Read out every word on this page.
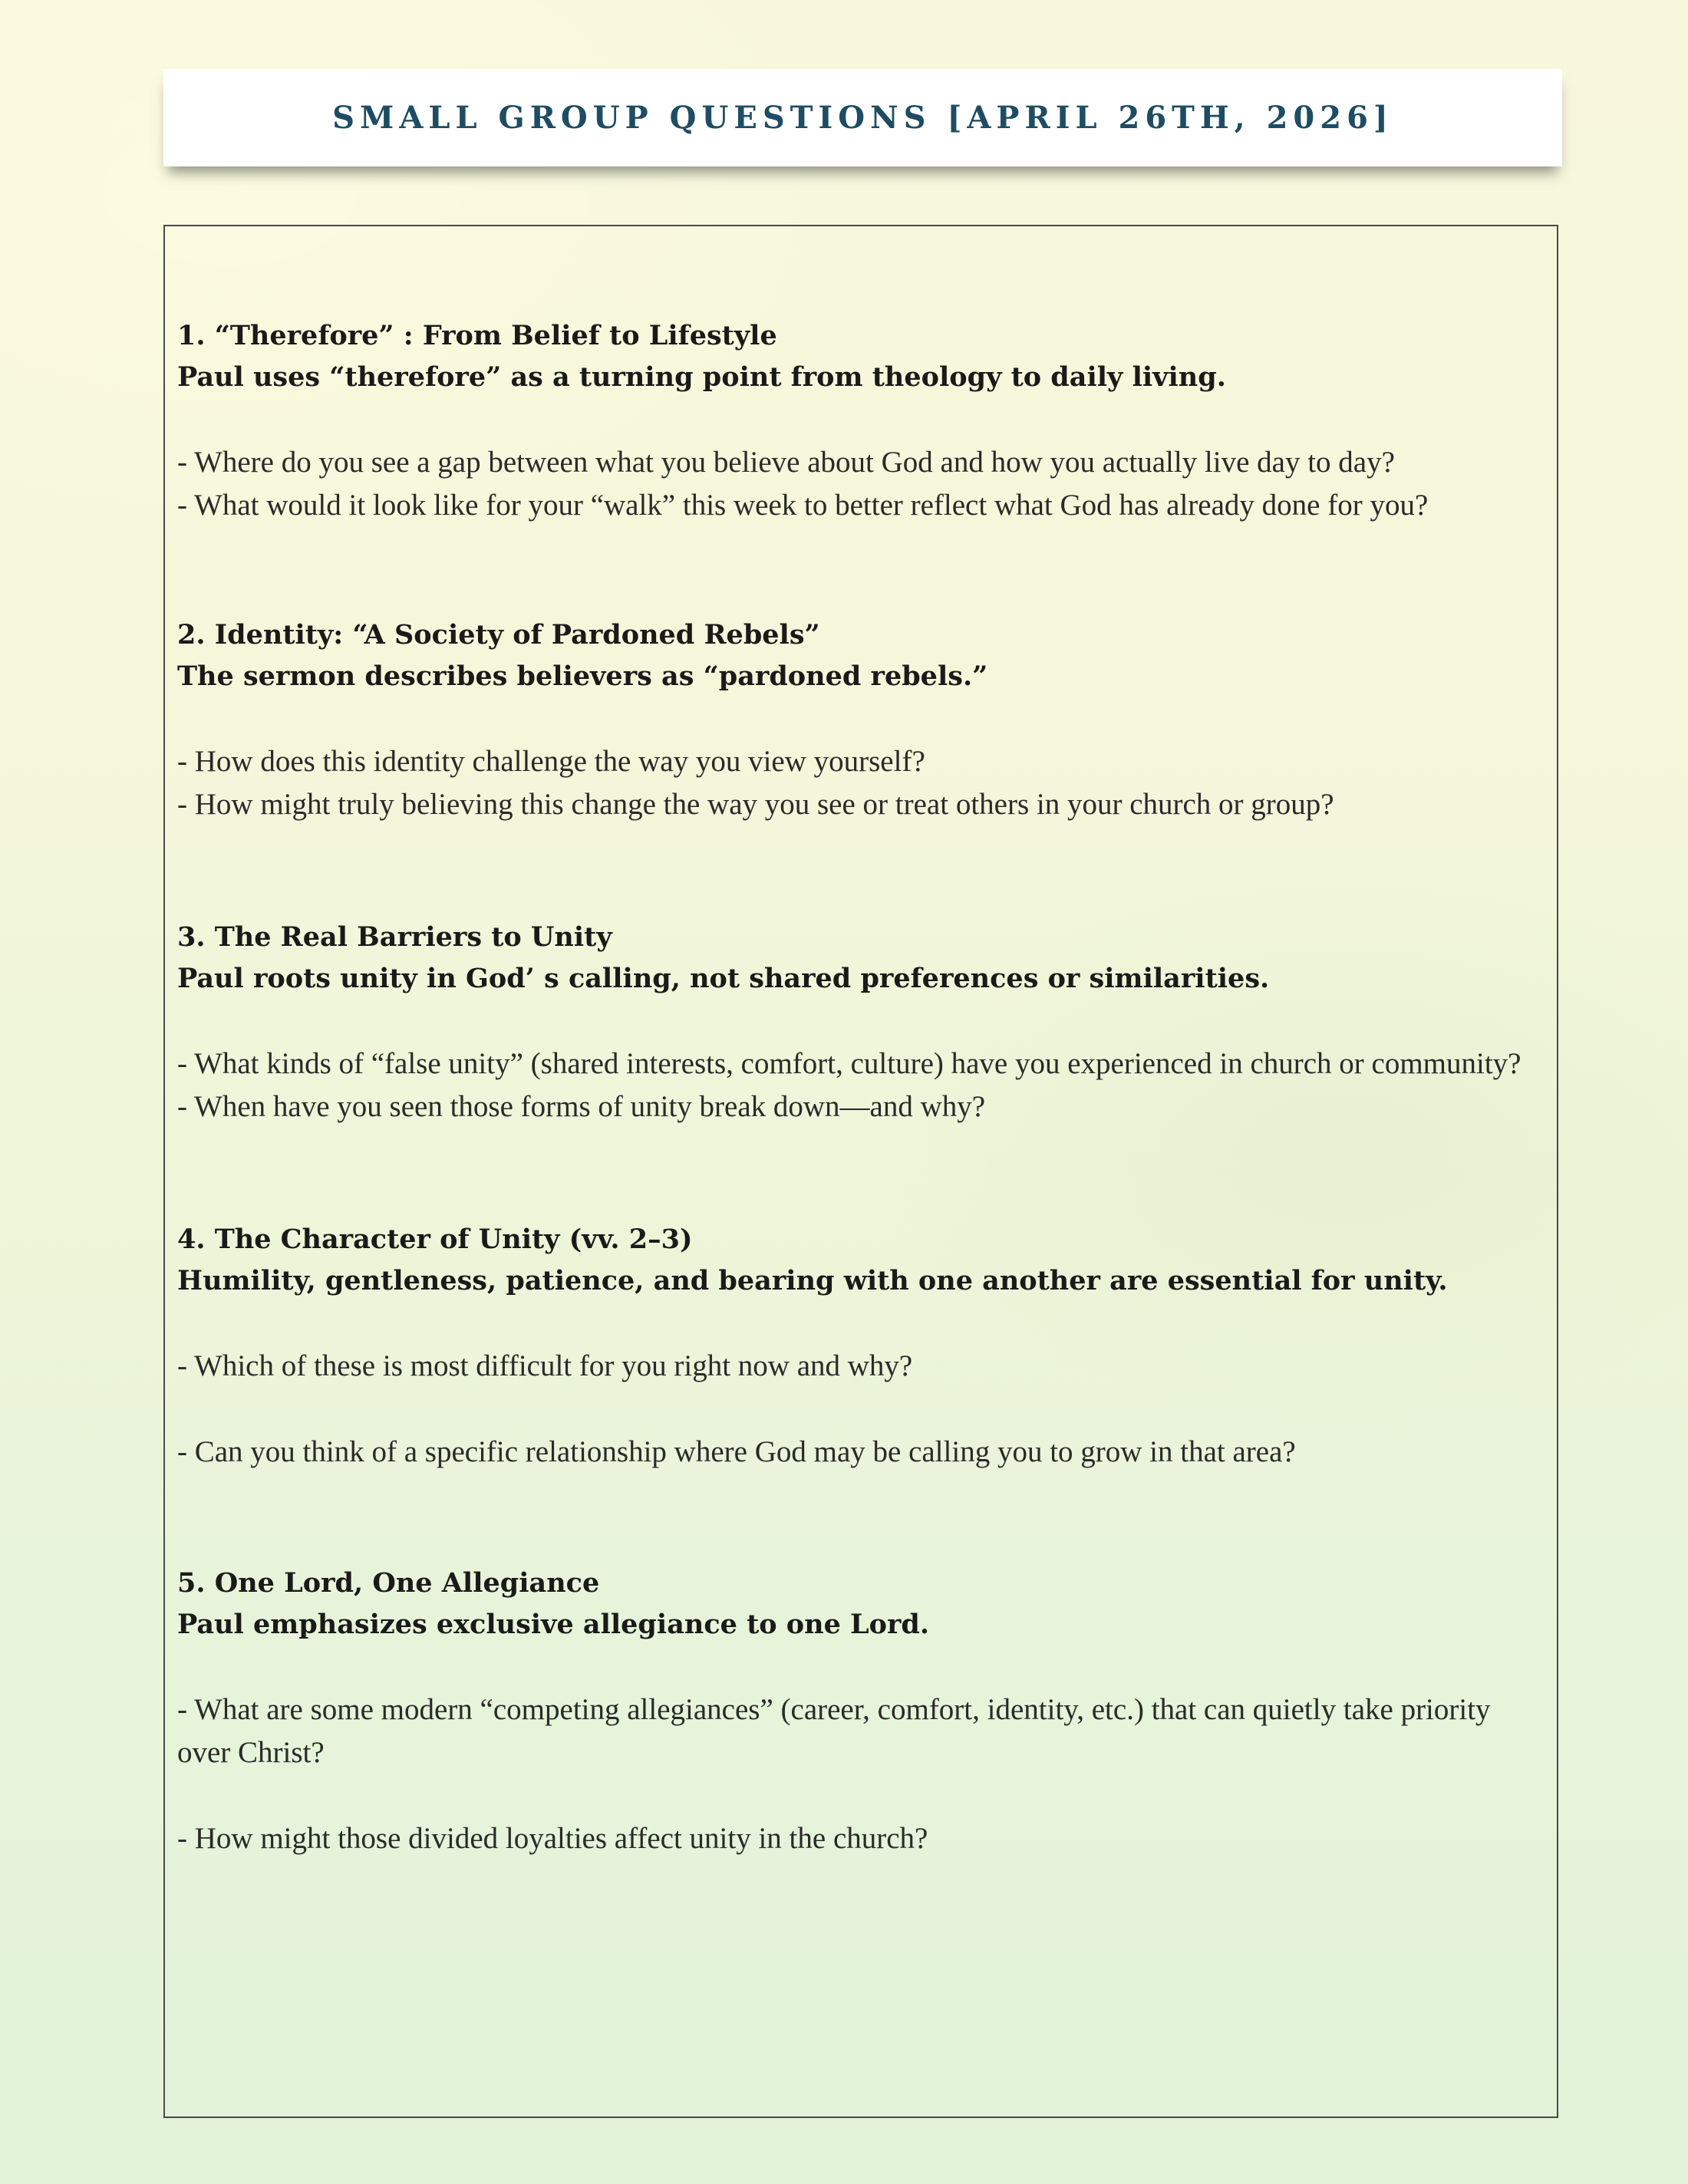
SMALL GROUP QUESTIONS [APRIL 26TH, 2026]

1. “Therefore” : From Belief to Lifestyle

Paul uses “therefore” as a turning point from theology to daily living.

- Where do you see a gap between what you believe about God and how you actually live day to day?

- What would it look like for your “walk” this week to better reflect what God has already done for you?

2. Identity: “A Society of Pardoned Rebels”

The sermon describes believers as “pardoned rebels.”

- How does this identity challenge the way you view yourself?

- How might truly believing this change the way you see or treat others in your church or group?

3. The Real Barriers to Unity

Paul roots unity in God’ s calling, not shared preferences or similarities.

- What kinds of “false unity” (shared interests, comfort, culture) have you experienced in church or community?

- When have you seen those forms of unity break down—and why?

4. The Character of Unity (vv. 2–3)

Humility, gentleness, patience, and bearing with one another are essential for unity.

- Which of these is most difficult for you right now and why?

- Can you think of a specific relationship where God may be calling you to grow in that area?

5. One Lord, One Allegiance

Paul emphasizes exclusive allegiance to one Lord.

- What are some modern “competing allegiances” (career, comfort, identity, etc.) that can quietly take priority over Christ?

- How might those divided loyalties affect unity in the church?
